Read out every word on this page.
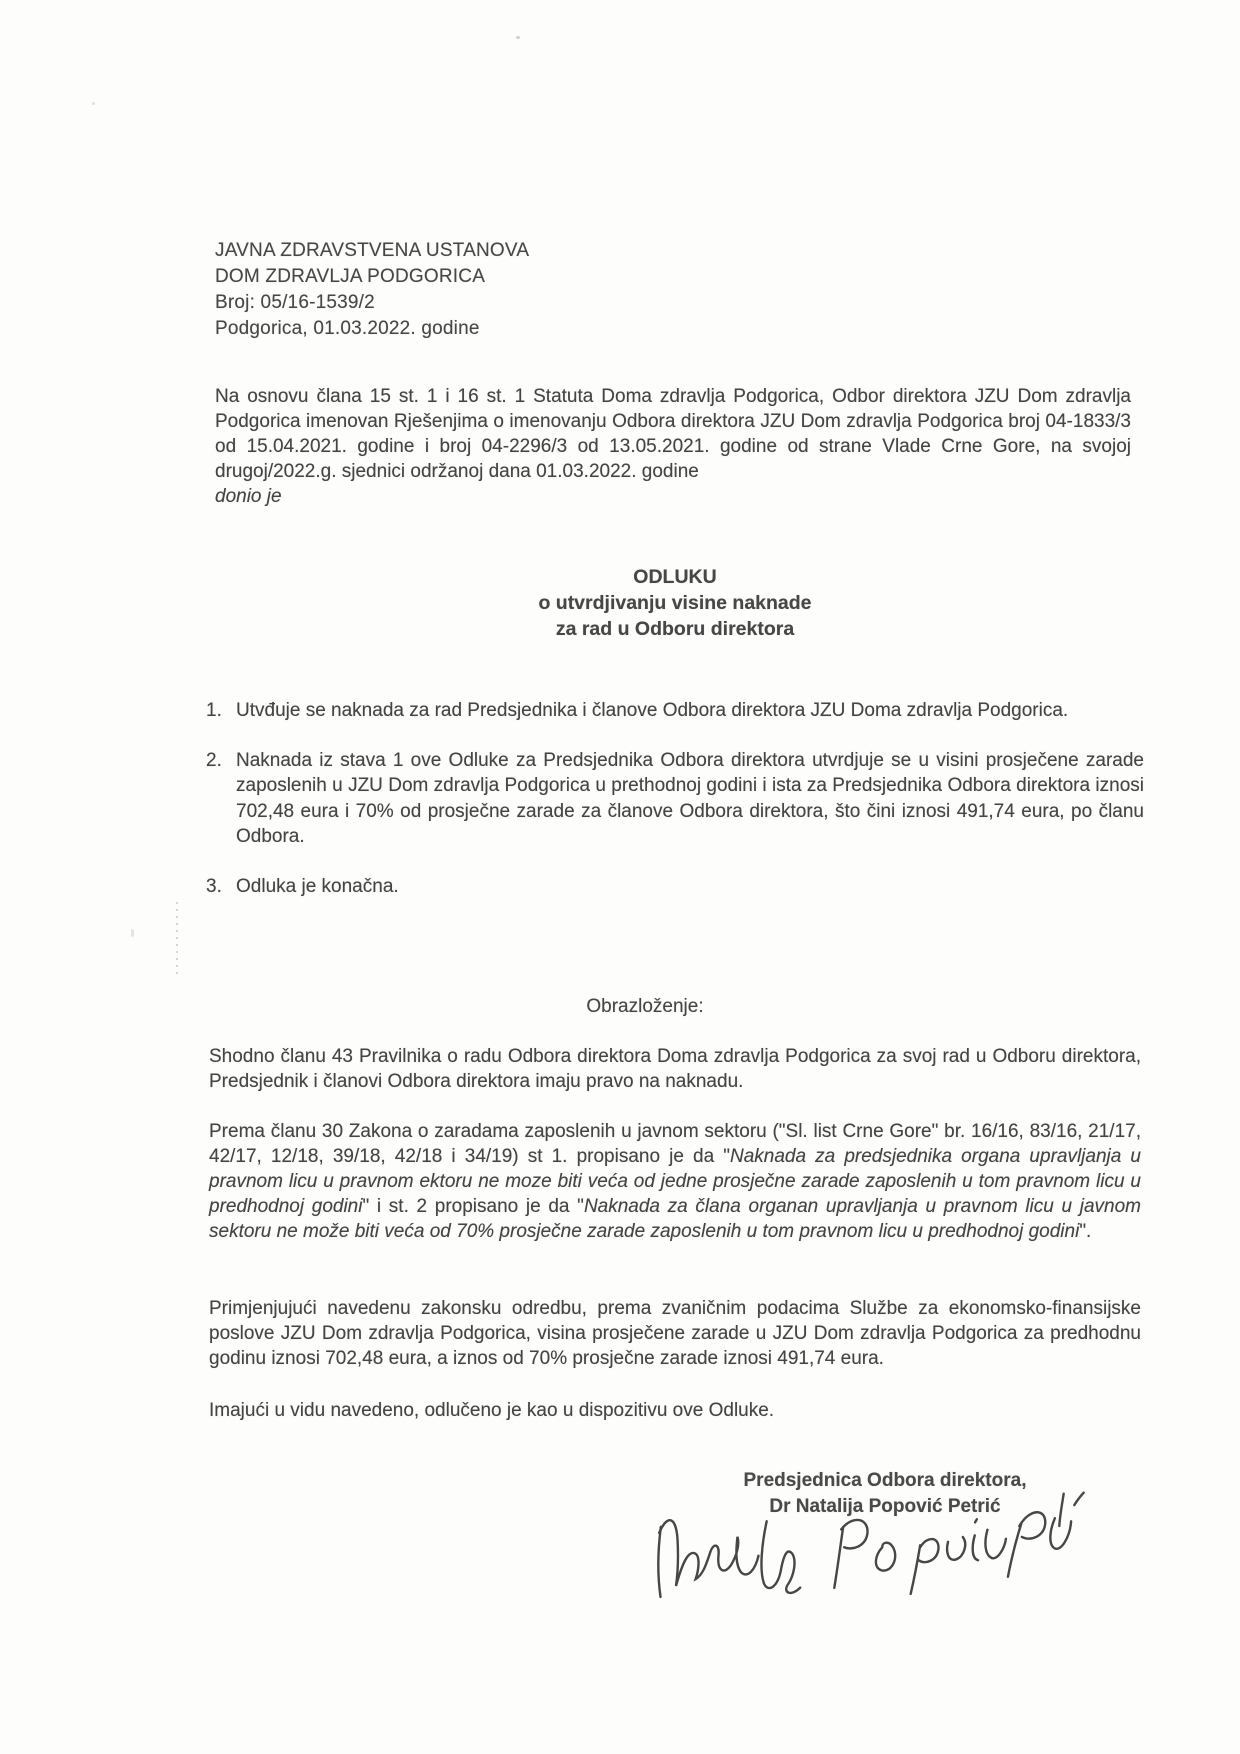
JAVNA ZDRAVSTVENA USTANOVA
DOM ZDRAVLJA PODGORICA
Broj: 05/16-1539/2
Podgorica, 01.03.2022. godine

Na osnovu člana 15 st. 1 i 16 st. 1 Statuta Doma zdravlja Podgorica, Odbor direktora JZU Dom zdravlja Podgorica imenovan Rješenjima o imenovanju Odbora direktora JZU Dom zdravlja Podgorica broj 04-1833/3 od 15.04.2021. godine i broj 04-2296/3 od 13.05.2021. godine od strane Vlade Crne Gore, na svojoj drugoj/2022.g. sjednici održanoj dana 01.03.2022. godine
donio je

ODLUKU
o utvrdjivanju visine naknade
za rad u Odboru direktora
1. Utvđuje se naknada za rad Predsjednika i članove Odbora direktora JZU Doma zdravlja Podgorica.
2. Naknada iz stava 1 ove Odluke za Predsjednika Odbora direktora utvrdjuje se u visini prosječene zarade zaposlenih u JZU Dom zdravlja Podgorica u prethodnoj godini i ista za Predsjednika Odbora direktora iznosi 702,48 eura i 70% od prosječne zarade za članove Odbora direktora, što čini iznosi 491,74 eura, po članu Odbora.
3. Odluka je konačna.
Obrazloženje:

Shodno članu 43 Pravilnika o radu Odbora direktora Doma zdravlja Podgorica za svoj rad u Odboru direktora, Predsjednik i članovi Odbora direktora imaju pravo na naknadu.

Prema članu 30 Zakona o zaradama zaposlenih u javnom sektoru ("Sl. list Crne Gore" br. 16/16, 83/16, 21/17, 42/17, 12/18, 39/18, 42/18 i 34/19) st 1. propisano je da "Naknada za predsjednika organa upravljanja u pravnom licu u pravnom ektoru ne moze biti veća od jedne prosječne zarade zaposlenih u tom pravnom licu u predhodnoj godini" i st. 2 propisano je da "Naknada za člana organan upravljanja u pravnom licu u javnom sektoru ne može biti veća od 70% prosječne zarade zaposlenih u tom pravnom licu u predhodnoj godini".

Primjenjujući navedenu zakonsku odredbu, prema zvaničnim podacima Službe za ekonomsko-finansijske poslove JZU Dom zdravlja Podgorica, visina prosječene zarade u JZU Dom zdravlja Podgorica za predhodnu godinu iznosi 702,48 eura, a iznos od 70% prosječne zarade iznosi 491,74 eura.

Imajući u vidu navedeno, odlučeno je kao u dispozitivu ove Odluke.

Predsjednica Odbora direktora,
Dr Natalija Popović Petrić
